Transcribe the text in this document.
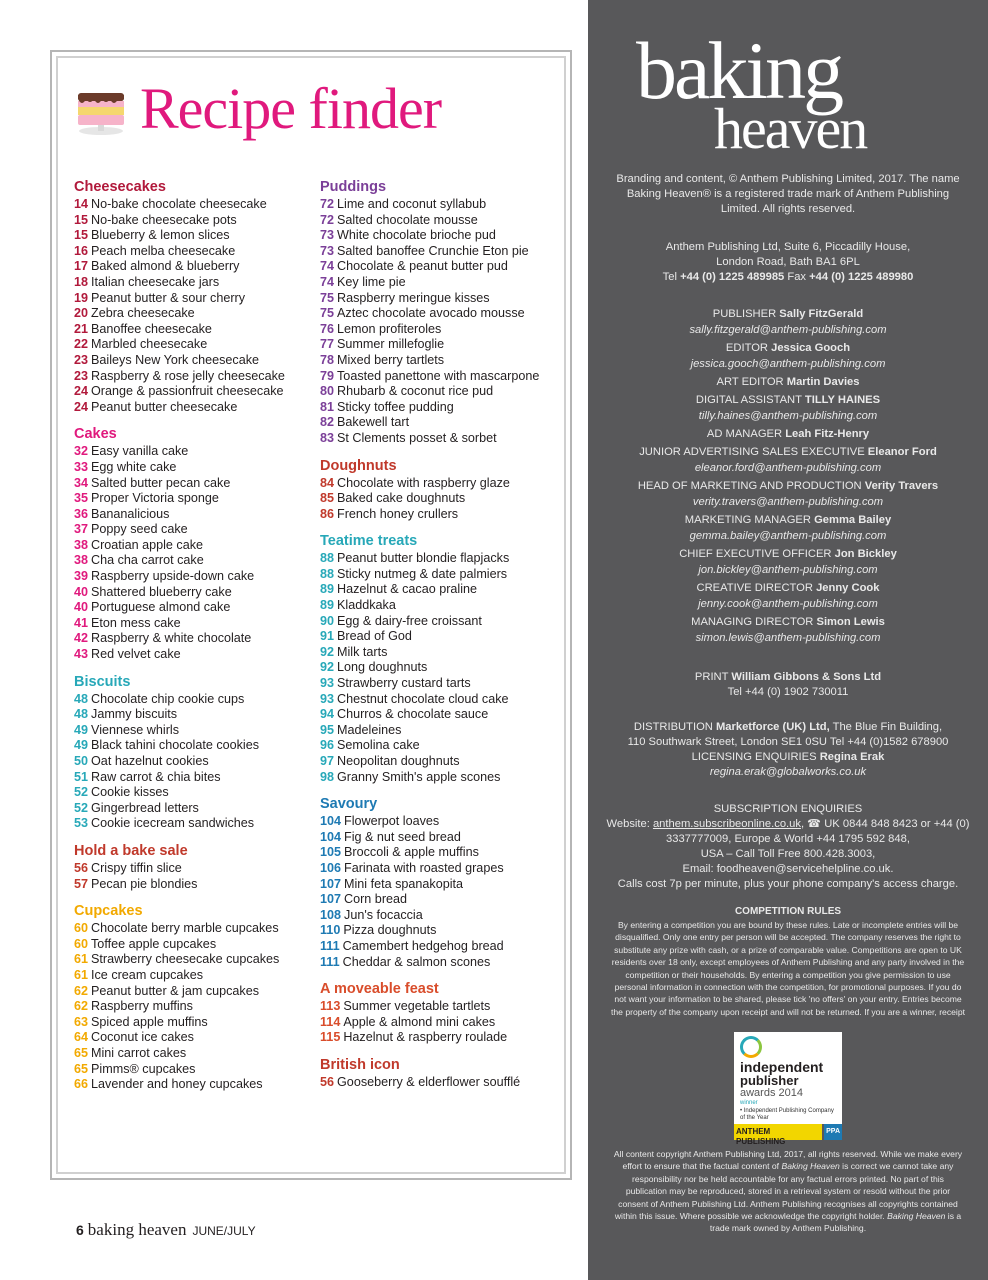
Recipe finder
Cheesecakes
14 No-bake chocolate cheesecake
15 No-bake cheesecake pots
15 Blueberry & lemon slices
16 Peach melba cheesecake
17 Baked almond & blueberry
18 Italian cheesecake jars
19 Peanut butter & sour cherry
20 Zebra cheesecake
21 Banoffee cheesecake
22 Marbled cheesecake
23 Baileys New York cheesecake
23 Raspberry & rose jelly cheesecake
24 Orange & passionfruit cheesecake
24 Peanut butter cheesecake
Cakes
32 Easy vanilla cake
33 Egg white cake
34 Salted butter pecan cake
35 Proper Victoria sponge
36 Bananalicious
37 Poppy seed cake
38 Croatian apple cake
38 Cha cha carrot cake
39 Raspberry upside-down cake
40 Shattered blueberry cake
40 Portuguese almond cake
41 Eton mess cake
42 Raspberry & white chocolate
43 Red velvet cake
Biscuits
48 Chocolate chip cookie cups
48 Jammy biscuits
49 Viennese whirls
49 Black tahini chocolate cookies
50 Oat hazelnut cookies
51 Raw carrot & chia bites
52 Cookie kisses
52 Gingerbread letters
53 Cookie icecream sandwiches
Hold a bake sale
56 Crispy tiffin slice
57 Pecan pie blondies
Cupcakes
60 Chocolate berry marble cupcakes
60 Toffee apple cupcakes
61 Strawberry cheesecake cupcakes
61 Ice cream cupcakes
62 Peanut butter & jam cupcakes
62 Raspberry muffins
63 Spiced apple muffins
64 Coconut ice cakes
65 Mini carrot cakes
65 Pimms® cupcakes
66 Lavender and honey cupcakes
Puddings
72 Lime and coconut syllabub
72 Salted chocolate mousse
73 White chocolate brioche pud
73 Salted banoffee Crunchie Eton pie
74 Chocolate & peanut butter pud
74 Key lime pie
75 Raspberry meringue kisses
75 Aztec chocolate avocado mousse
76 Lemon profiteroles
77 Summer millefoglie
78 Mixed berry tartlets
79 Toasted panettone with mascarpone
80 Rhubarb & coconut rice pud
81 Sticky toffee pudding
82 Bakewell tart
83 St Clements posset & sorbet
Doughnuts
84 Chocolate with raspberry glaze
85 Baked cake doughnuts
86 French honey crullers
Teatime treats
88 Peanut butter blondie flapjacks
88 Sticky nutmeg & date palmiers
89 Hazelnut & cacao praline
89 Kladdkaka
90 Egg & dairy-free croissant
91 Bread of God
92 Milk tarts
92 Long doughnuts
93 Strawberry custard tarts
93 Chestnut chocolate cloud cake
94 Churros & chocolate sauce
95 Madeleines
96 Semolina cake
97 Neopolitan doughnuts
98 Granny Smith's apple scones
Savoury
104 Flowerpot loaves
104 Fig & nut seed bread
105 Broccoli & apple muffins
106 Farinata with roasted grapes
107 Mini feta spanakopita
107 Corn bread
108 Jun's focaccia
110 Pizza doughnuts
111 Camembert hedgehog bread
111 Cheddar & salmon scones
A moveable feast
113 Summer vegetable tartlets
114 Apple & almond mini cakes
115 Hazelnut & raspberry roulade
British icon
56 Gooseberry & elderflower soufflé
6 baking heaven JUNE/JULY
baking
heaven
Branding and content, © Anthem Publishing Limited, 2017. The name Baking Heaven® is a registered trade mark of Anthem Publishing Limited. All rights reserved.
Anthem Publishing Ltd, Suite 6, Piccadilly House,
London Road, Bath BA1 6PL
Tel +44 (0) 1225 489985 Fax +44 (0) 1225 489980
PUBLISHER Sally FitzGerald
sally.fitzgerald@anthem-publishing.com
EDITOR Jessica Gooch
jessica.gooch@anthem-publishing.com
ART EDITOR Martin Davies
DIGITAL ASSISTANT TILLY HAINES
tilly.haines@anthem-publishing.com
AD MANAGER Leah Fitz-Henry
JUNIOR ADVERTISING SALES EXECUTIVE Eleanor Ford
eleanor.ford@anthem-publishing.com
HEAD OF MARKETING AND PRODUCTION Verity Travers
verity.travers@anthem-publishing.com
MARKETING MANAGER Gemma Bailey
gemma.bailey@anthem-publishing.com
CHIEF EXECUTIVE OFFICER Jon Bickley
jon.bickley@anthem-publishing.com
CREATIVE DIRECTOR Jenny Cook
jenny.cook@anthem-publishing.com
MANAGING DIRECTOR Simon Lewis
simon.lewis@anthem-publishing.com
PRINT William Gibbons & Sons Ltd
Tel +44 (0) 1902 730011
DISTRIBUTION Marketforce (UK) Ltd, The Blue Fin Building,
110 Southwark Street, London SE1 0SU Tel +44 (0)1582 678900
LICENSING ENQUIRIES Regina Erak
regina.erak@globalworks.co.uk
SUBSCRIPTION ENQUIRIES
Website: anthem.subscribeonline.co.uk, ☎ UK 0844 848 8423 or +44 (0)
3337777009, Europe & World +44 1795 592 848,
USA – Call Toll Free 800.428.3003,
Email: foodheaven@servicehelpline.co.uk.
Calls cost 7p per minute, plus your phone company's access charge.
COMPETITION RULES
By entering a competition you are bound by these rules. Late or incomplete entries will be disqualified. Only one entry per person will be accepted. The company reserves the right to substitute any prize with cash, or a prize of comparable value. Competitions are open to UK residents over 18 only, except employees of Anthem Publishing and any party involved in the competition or their households. By entering a competition you give permission to use personal information in connection with the competition, for promotional purposes. If you do not want your information to be shared, please tick 'no offers' on your entry. Entries become the property of the company upon receipt and will not be returned. If you are a winner, receipt
independent
publisher
awards 2014
winner
• Independent Publishing Company of the Year
ANTHEM PUBLISHING
PPA
All content copyright Anthem Publishing Ltd, 2017, all rights reserved. While we make every effort to ensure that the factual content of Baking Heaven is correct we cannot take any responsibility nor be held accountable for any factual errors printed. No part of this publication may be reproduced, stored in a retrieval system or resold without the prior consent of Anthem Publishing Ltd. Anthem Publishing recognises all copyrights contained within this issue. Where possible we acknowledge the copyright holder. Baking Heaven is a trade mark owned by Anthem Publishing.
